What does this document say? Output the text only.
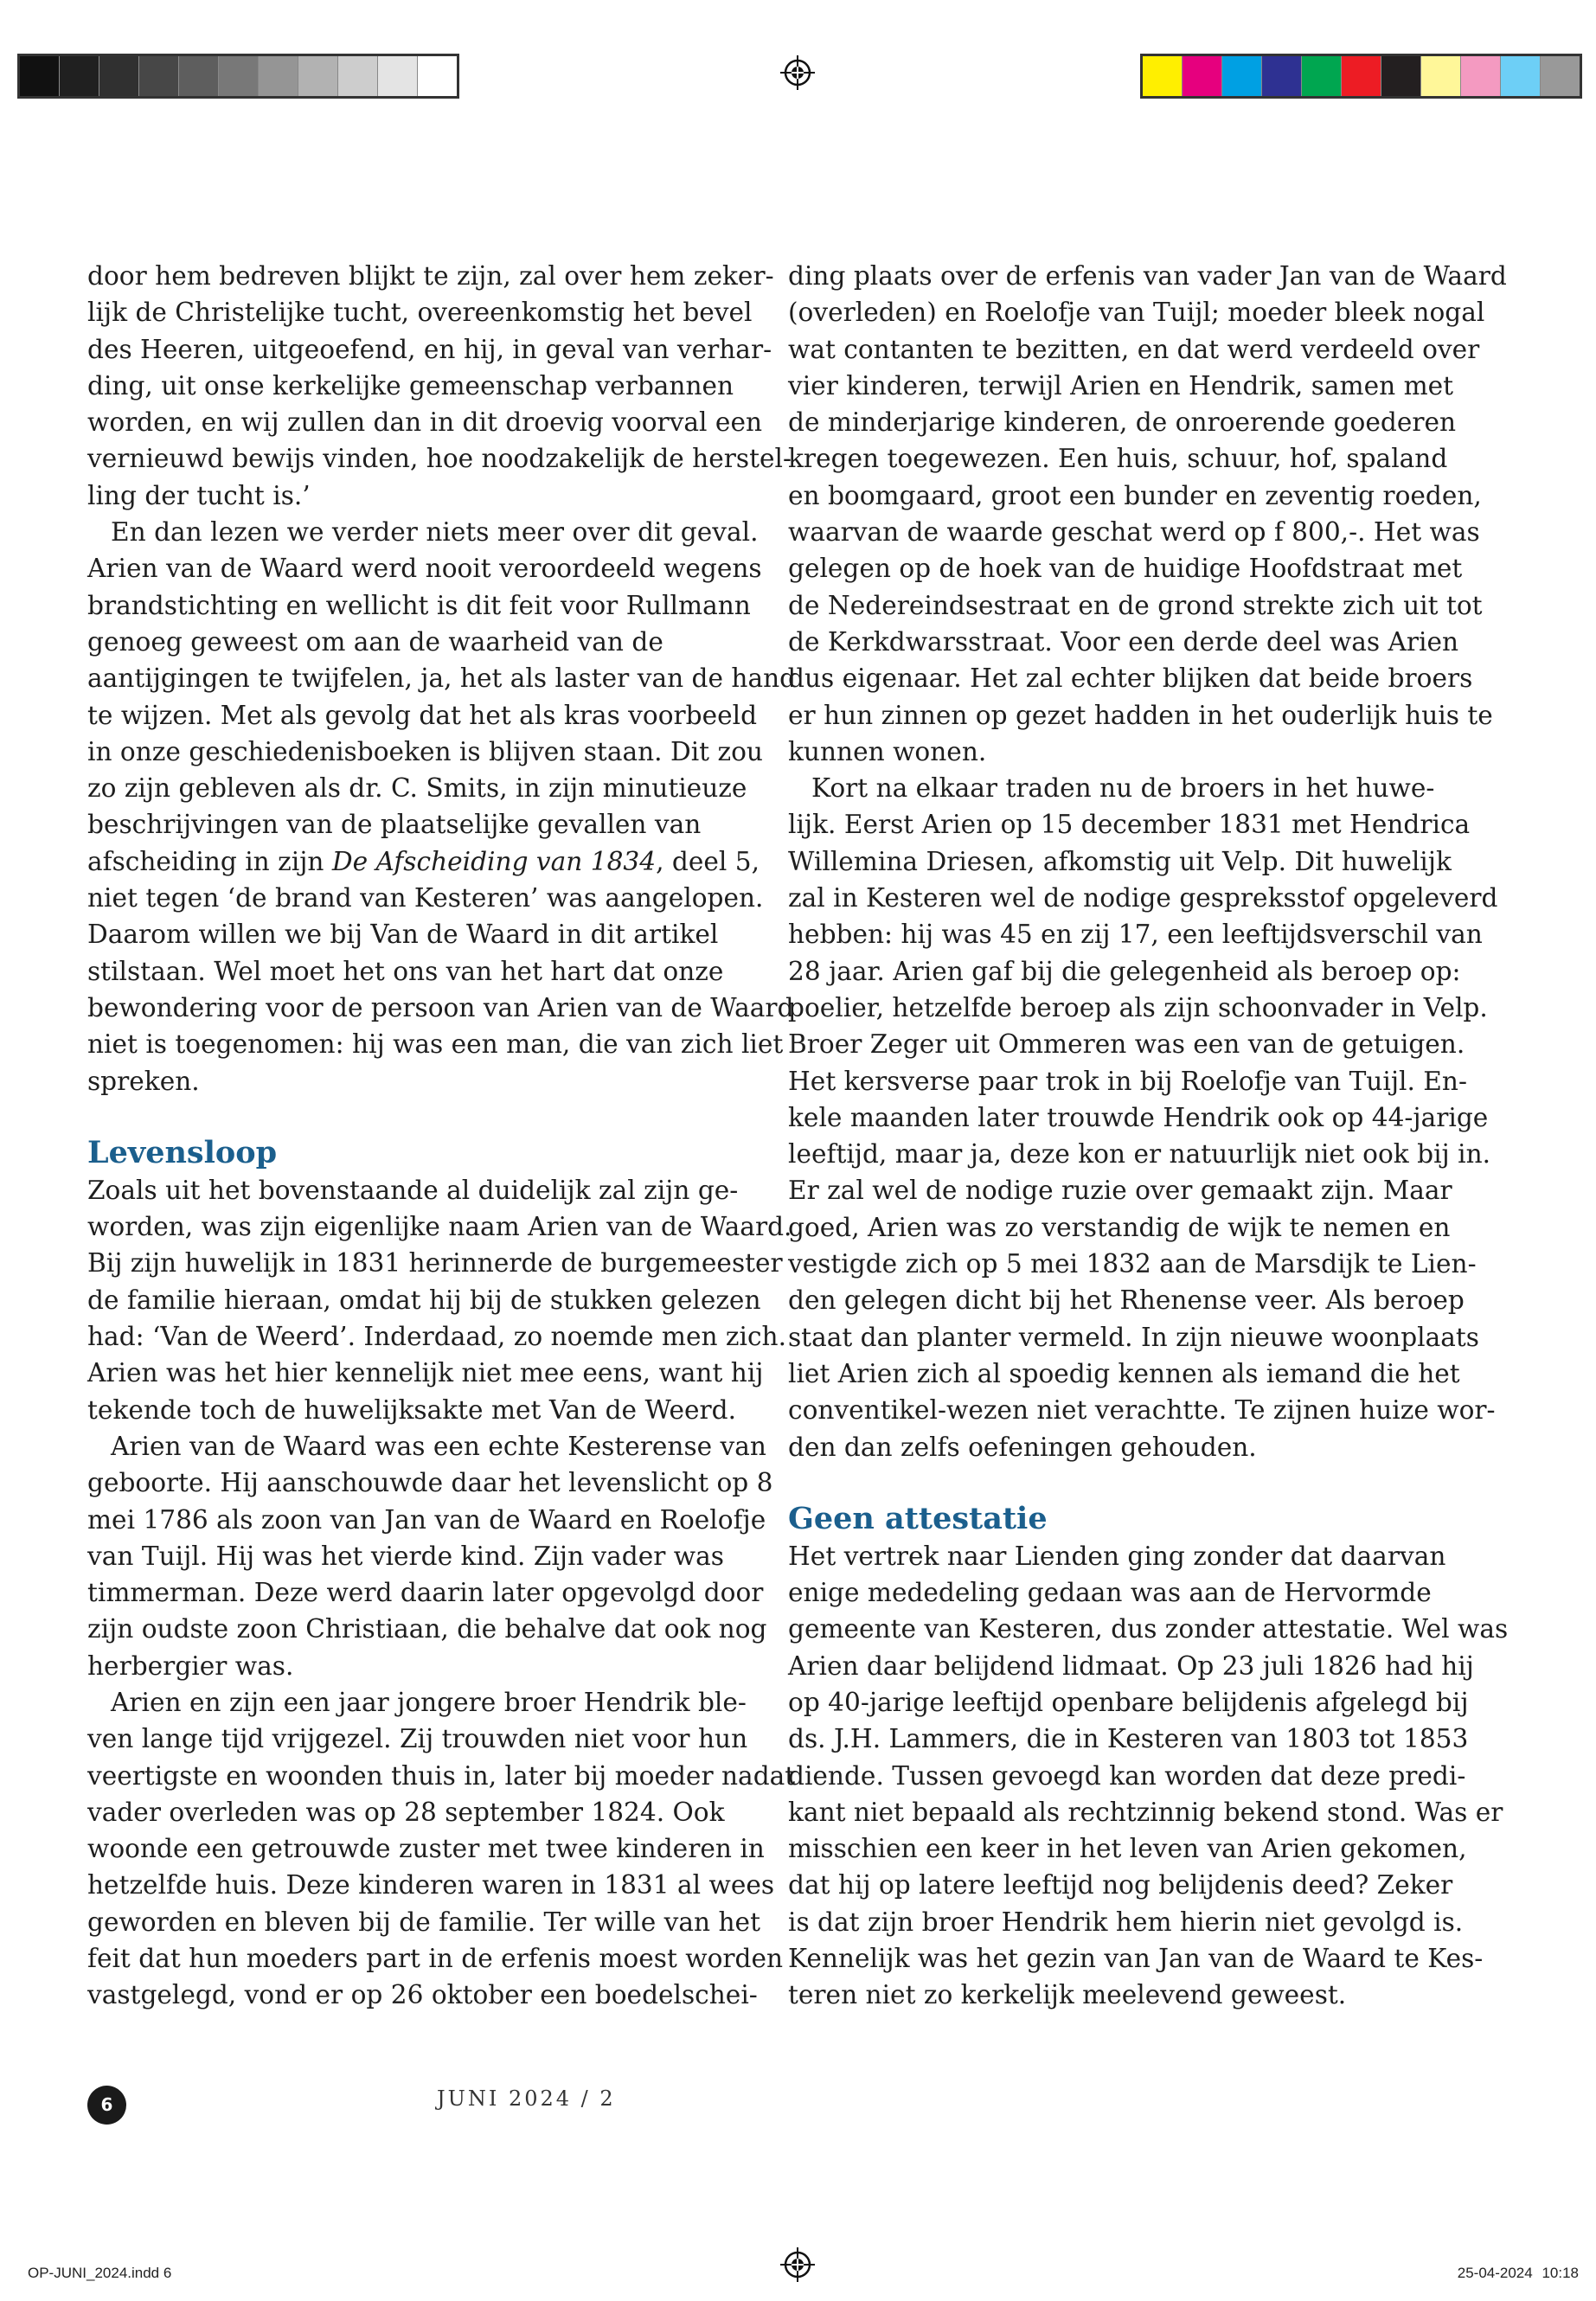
door hem bedreven blijkt te zijn, zal over hem zeker-
lijk de Christelijke tucht, overeenkomstig het bevel
des Heeren, uitgeoefend, en hij, in geval van verhar-
ding, uit onse kerkelijke gemeenschap verbannen
worden, en wij zullen dan in dit droevig voorval een
vernieuwd bewijs vinden, hoe noodzakelijk de herstel-
ling der tucht is.’

En dan lezen we verder niets meer over dit geval.
Arien van de Waard werd nooit veroordeeld wegens
brandstichting en wellicht is dit feit voor Rullmann
genoeg geweest om aan de waarheid van de
aantijgingen te twijfelen, ja, het als laster van de hand
te wijzen. Met als gevolg dat het als kras voorbeeld
in onze geschiedenisboeken is blijven staan. Dit zou
zo zijn gebleven als dr. C. Smits, in zijn minutieuze
beschrijvingen van de plaatselijke gevallen van
afscheiding in zijn De Afscheiding van 1834, deel 5,
niet tegen ‘de brand van Kesteren’ was aangelopen.
Daarom willen we bij Van de Waard in dit artikel
stilstaan. Wel moet het ons van het hart dat onze
bewondering voor de persoon van Arien van de Waard
niet is toegenomen: hij was een man, die van zich liet
spreken.

Levensloop

Zoals uit het bovenstaande al duidelijk zal zijn ge-
worden, was zijn eigenlijke naam Arien van de Waard.
Bij zijn huwelijk in 1831 herinnerde de burgemeester
de familie hieraan, omdat hij bij de stukken gelezen
had: ‘Van de Weerd’. Inderdaad, zo noemde men zich.
Arien was het hier kennelijk niet mee eens, want hij
tekende toch de huwelijksakte met Van de Weerd.

Arien van de Waard was een echte Kesterense van
geboorte. Hij aanschouwde daar het levenslicht op 8
mei 1786 als zoon van Jan van de Waard en Roelofje
van Tuijl. Hij was het vierde kind. Zijn vader was
timmerman. Deze werd daarin later opgevolgd door
zijn oudste zoon Christiaan, die behalve dat ook nog
herbergier was.

Arien en zijn een jaar jongere broer Hendrik ble-
ven lange tijd vrijgezel. Zij trouwden niet voor hun
veertigste en woonden thuis in, later bij moeder nadat
vader overleden was op 28 september 1824. Ook
woonde een getrouwde zuster met twee kinderen in
hetzelfde huis. Deze kinderen waren in 1831 al wees
geworden en bleven bij de familie. Ter wille van het
feit dat hun moeders part in de erfenis moest worden
vastgelegd, vond er op 26 oktober een boedelschei-

ding plaats over de erfenis van vader Jan van de Waard
(overleden) en Roelofje van Tuijl; moeder bleek nogal
wat contanten te bezitten, en dat werd verdeeld over
vier kinderen, terwijl Arien en Hendrik, samen met
de minderjarige kinderen, de onroerende goederen
kregen toegewezen. Een huis, schuur, hof, spaland
en boomgaard, groot een bunder en zeventig roeden,
waarvan de waarde geschat werd op f 800,-. Het was
gelegen op de hoek van de huidige Hoofdstraat met
de Nedereindsestraat en de grond strekte zich uit tot
de Kerkdwarsstraat. Voor een derde deel was Arien
dus eigenaar. Het zal echter blijken dat beide broers
er hun zinnen op gezet hadden in het ouderlijk huis te
kunnen wonen.

Kort na elkaar traden nu de broers in het huwe-
lijk. Eerst Arien op 15 december 1831 met Hendrica
Willemina Driesen, afkomstig uit Velp. Dit huwelijk
zal in Kesteren wel de nodige gespreksstof opgeleverd
hebben: hij was 45 en zij 17, een leeftijdsverschil van
28 jaar. Arien gaf bij die gelegenheid als beroep op:
poelier, hetzelfde beroep als zijn schoonvader in Velp.
Broer Zeger uit Ommeren was een van de getuigen.
Het kersverse paar trok in bij Roelofje van Tuijl. En-
kele maanden later trouwde Hendrik ook op 44-jarige
leeftijd, maar ja, deze kon er natuurlijk niet ook bij in.
Er zal wel de nodige ruzie over gemaakt zijn. Maar
goed, Arien was zo verstandig de wijk te nemen en
vestigde zich op 5 mei 1832 aan de Marsdijk te Lien-
den gelegen dicht bij het Rhenense veer. Als beroep
staat dan planter vermeld. In zijn nieuwe woonplaats
liet Arien zich al spoedig kennen als iemand die het
conventikel-wezen niet verachtte. Te zijnen huize wor-
den dan zelfs oefeningen gehouden.

Geen attestatie

Het vertrek naar Lienden ging zonder dat daarvan
enige mededeling gedaan was aan de Hervormde
gemeente van Kesteren, dus zonder attestatie. Wel was
Arien daar belijdend lidmaat. Op 23 juli 1826 had hij
op 40-jarige leeftijd openbare belijdenis afgelegd bij
ds. J.H. Lammers, die in Kesteren van 1803 tot 1853
diende. Tussen gevoegd kan worden dat deze predi-
kant niet bepaald als rechtzinnig bekend stond. Was er
misschien een keer in het leven van Arien gekomen,
dat hij op latere leeftijd nog belijdenis deed? Zeker
is dat zijn broer Hendrik hem hierin niet gevolgd is.
Kennelijk was het gezin van Jan van de Waard te Kes-
teren niet zo kerkelijk meelevend geweest.

6	JUNI 2024 / 2
OP-JUNI_2024.indd 6	25-04-2024 10:18
